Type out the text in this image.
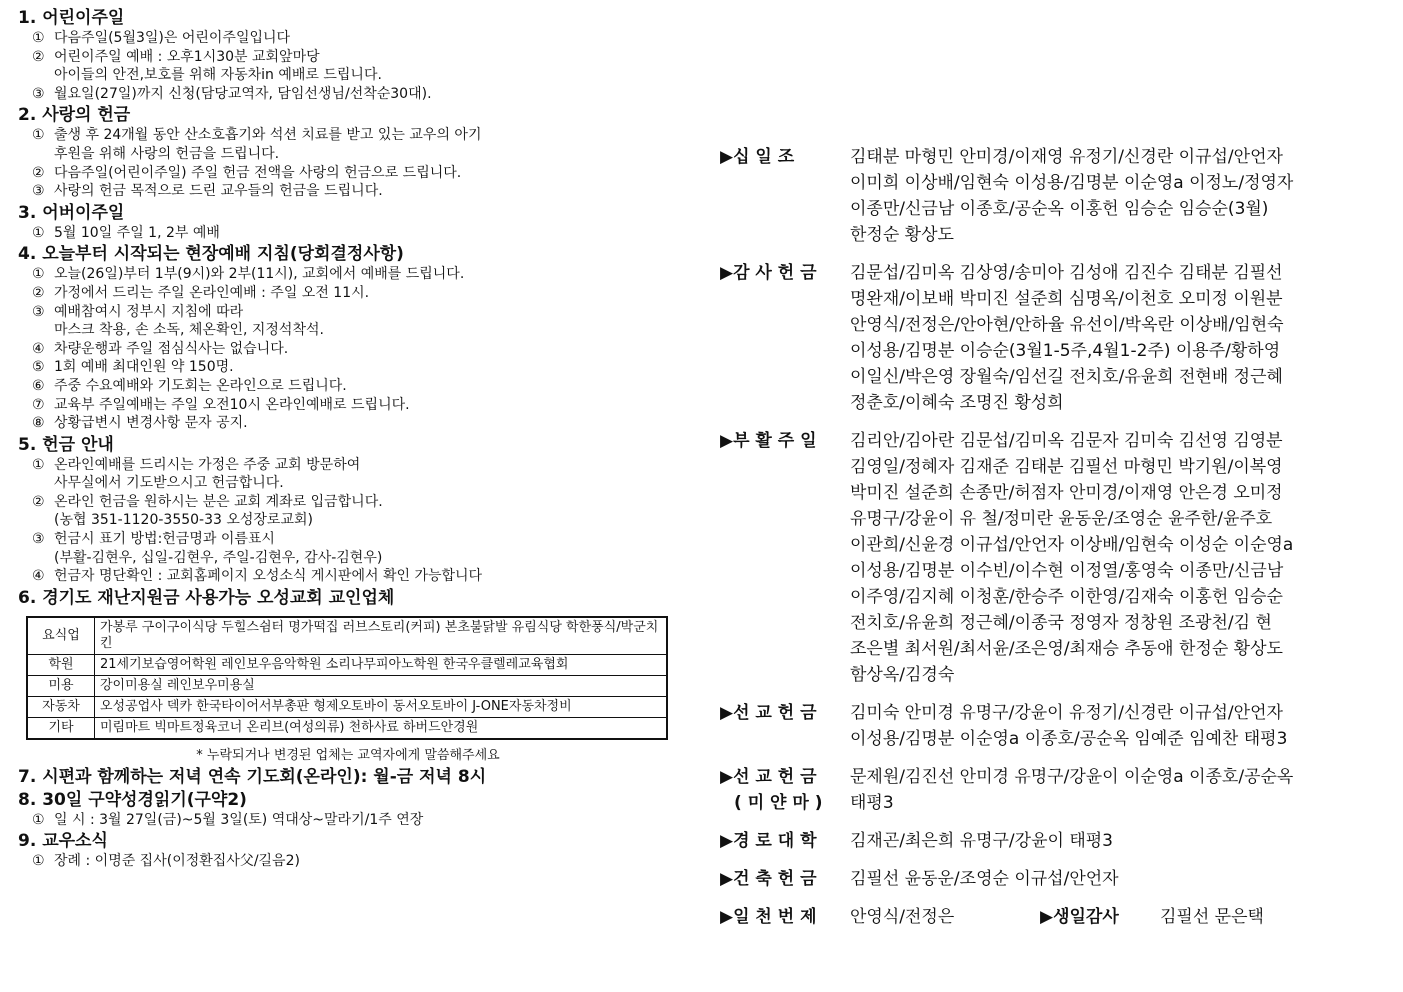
1. 어린이주일
① 다음주일(5월3일)은 어린이주일입니다
② 어린이주일 예배 : 오후1시30분 교회앞마당
아이들의 안전,보호를 위해 자동차in 예배로 드립니다.
③ 월요일(27일)까지 신청(담당교역자, 담임선생님/선착순30대).
2. 사랑의 헌금
① 출생 후 24개월 동안 산소호흡기와 석션 치료를 받고 있는 교우의 아기
후원을 위해 사랑의 헌금을 드립니다.
② 다음주일(어린이주일) 주일 헌금 전액을 사랑의 헌금으로 드립니다.
③ 사랑의 헌금 목적으로 드린 교우들의 헌금을 드립니다.
3. 어버이주일
① 5월 10일 주일 1, 2부 예배
4. 오늘부터 시작되는 현장예배 지침(당회결정사항)
① 오늘(26일)부터 1부(9시)와 2부(11시), 교회에서 예배를 드립니다.
② 가정에서 드리는 주일 온라인예배 : 주일 오전 11시.
③ 예배참여시 정부시 지침에 따라
마스크 착용, 손 소독, 체온확인, 지정석착석.
④ 차량운행과 주일 점심식사는 없습니다.
⑤ 1회 예배 최대인원 약 150명.
⑥ 주중 수요예배와 기도회는 온라인으로 드립니다.
⑦ 교육부 주일예배는 주일 오전10시 온라인예배로 드립니다.
⑧ 상황급변시 변경사항 문자 공지.
5. 헌금 안내
① 온라인예배를 드리시는 가정은 주중 교회 방문하여
사무실에서 기도받으시고 헌금합니다.
② 온라인 헌금을 원하시는 분은 교회 계좌로 입금합니다.
(농협 351-1120-3550-33 오성장로교회)
③ 헌금시 표기 방법:헌금명과 이름표시
(부활-김현우, 십일-김현우, 주일-김현우, 감사-김현우)
④ 헌금자 명단확인 : 교회홈페이지 오성소식 게시판에서 확인 가능합니다
6. 경기도 재난지원금 사용가능 오성교회 교인업체
요식업	가봉루 구이구이식당 두힐스쉼터 명가떡집 러브스토리(커피) 본초불닭발 유림식당 학한풍식/박군치킨
학원	21세기보습영어학원 레인보우음악학원 소리나무피아노학원 한국우클렐레교육협회
미용	강이미용실 레인보우미용실
자동차	오성공업사 덱카 한국타이어서부총판 형제오토바이 동서오토바이 J-ONE자동차정비
기타	미림마트 빅마트정육코너 온리브(여성의류) 천하사료 하버드안경원
* 누락되거나 변경된 업체는 교역자에게 말씀해주세요
7. 시편과 함께하는 저녁 연속 기도회(온라인): 월-금 저녁 8시
8. 30일 구약성경읽기(구약2)
① 일 시 : 3월 27일(금)~5월 3일(토) 역대상~말라기/1주 연장
9. 교우소식
① 장례 : 이명준 집사(이정환집사父/길음2)
▶십 일 조	김태분 마형민 안미경/이재영 유정기/신경란 이규섭/안언자
이미희 이상배/임현숙 이성용/김명분 이순영a 이정노/정영자
이종만/신금남 이종호/공순옥 이홍헌 임승순 임승순(3월)
한정순 황상도
▶감 사 헌 금	김문섭/김미옥 김상영/송미아 김성애 김진수 김태분 김필선
명완재/이보배 박미진 설준희 심명옥/이천호 오미정 이원분
안영식/전정은/안아현/안하율 유선이/박옥란 이상배/임현숙
이성용/김명분 이승순(3월1-5주,4월1-2주) 이용주/황하영
이일신/박은영 장월숙/임선길 전치호/유윤희 전현배 정근혜
정춘호/이혜숙 조명진 황성희
▶부 활 주 일	김리안/김아란 김문섭/김미옥 김문자 김미숙 김선영 김영분
김영일/정혜자 김재준 김태분 김필선 마형민 박기원/이복영
박미진 설준희 손종만/허점자 안미경/이재영 안은경 오미정
유명구/강윤이 유 철/정미란 윤동운/조영순 윤주한/윤주호
이관희/신윤경 이규섭/안언자 이상배/임현숙 이성순 이순영a
이성용/김명분 이수빈/이수현 이정열/홍영숙 이종만/신금남
이주영/김지혜 이청훈/한승주 이한영/김재숙 이홍헌 임승순
전치호/유윤희 정근혜/이종국 정영자 정창원 조광천/김 현
조은별 최서원/최서윤/조은영/최재승 추동애 한정순 황상도
함상옥/김경숙
▶선 교 헌 금	김미숙 안미경 유명구/강윤이 유정기/신경란 이규섭/안언자
이성용/김명분 이순영a 이종호/공순옥 임예준 임예찬 태평3
▶선 교 헌 금
( 미 얀 마 )
문제원/김진선 안미경 유명구/강윤이 이순영a 이종호/공순옥
태평3
▶경 로 대 학	김재곤/최은희 유명구/강윤이 태평3
▶건 축 헌 금	김필선 윤동운/조영순 이규섭/안언자
▶일 천 번 제	안영식/전정은	▶생일감사	김필선 문은택
